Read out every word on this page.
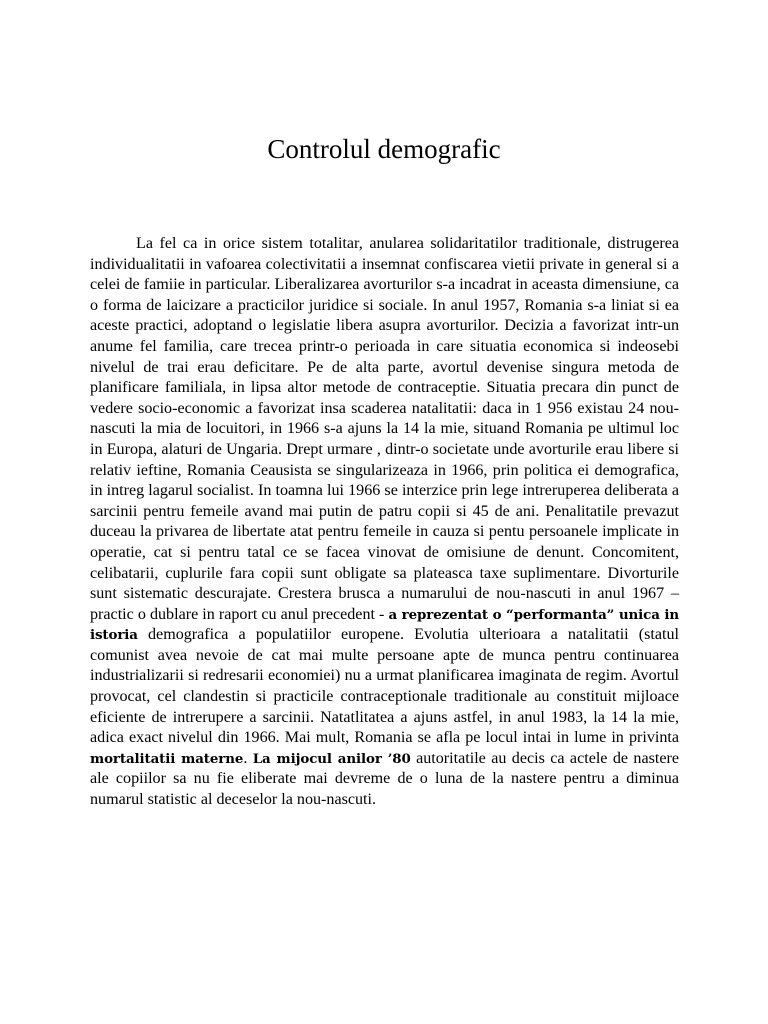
Controlul demografic

La fel ca in orice sistem totalitar, anularea solidaritatilor traditionale, distrugerea individualitatii in vafoarea colectivitatii a insemnat confiscarea vietii private in general si a celei de famiie in particular. Liberalizarea avorturilor s-a incadrat in aceasta dimensiune, ca o forma de laicizare a practicilor juridice si sociale. In anul 1957, Romania s-a liniat si ea aceste practici, adoptand o legislatie libera asupra avorturilor. Decizia a favorizat intr-un anume fel familia, care trecea printr-o perioada in care situatia economica si indeosebi nivelul de trai erau deficitare. Pe de alta parte, avortul devenise singura metoda de planificare familiala, in lipsa altor metode de contraceptie. Situatia precara din punct de vedere socio-economic a favorizat insa scaderea natalitatii: daca in 1 956 existau 24 nou-nascuti la mia de locuitori, in 1966 s-a ajuns la 14 la mie, situand Romania pe ultimul loc in Europa, alaturi de Ungaria. Drept urmare , dintr-o societate unde avorturile erau libere si relativ ieftine, Romania Ceausista se singularizeaza in 1966, prin politica ei demografica, in intreg lagarul socialist. In toamna lui 1966 se interzice prin lege intreruperea deliberata a sarcinii pentru femeile avand mai putin de patru copii si 45 de ani. Penalitatile prevazut duceau la privarea de libertate atat pentru femeile in cauza si pentu persoanele implicate in operatie, cat si pentru tatal ce se facea vinovat de omisiune de denunt. Concomitent, celibatarii, cuplurile fara copii sunt obligate sa plateasca taxe suplimentare. Divorturile sunt sistematic descurajate. Crestera brusca a numarului de nou-nascuti in anul 1967 – practic o dublare in raport cu anul precedent - a reprezentat o “performanta” unica in istoria demografica a populatiilor europene. Evolutia ulterioara a natalitatii (statul comunist avea nevoie de cat mai multe persoane apte de munca pentru continuarea industrializarii si redresarii economiei) nu a urmat planificarea imaginata de regim. Avortul provocat, cel clandestin si practicile contraceptionale traditionale au constituit mijloace eficiente de intrerupere a sarcinii. Natatlitatea a ajuns astfel, in anul 1983, la 14 la mie, adica exact nivelul din 1966. Mai mult, Romania se afla pe locul intai in lume in privinta mortalitatii materne. La mijocul anilor ’80 autoritatile au decis ca actele de nastere ale copiilor sa nu fie eliberate mai devreme de o luna de la nastere pentru a diminua numarul statistic al deceselor la nou-nascuti.
